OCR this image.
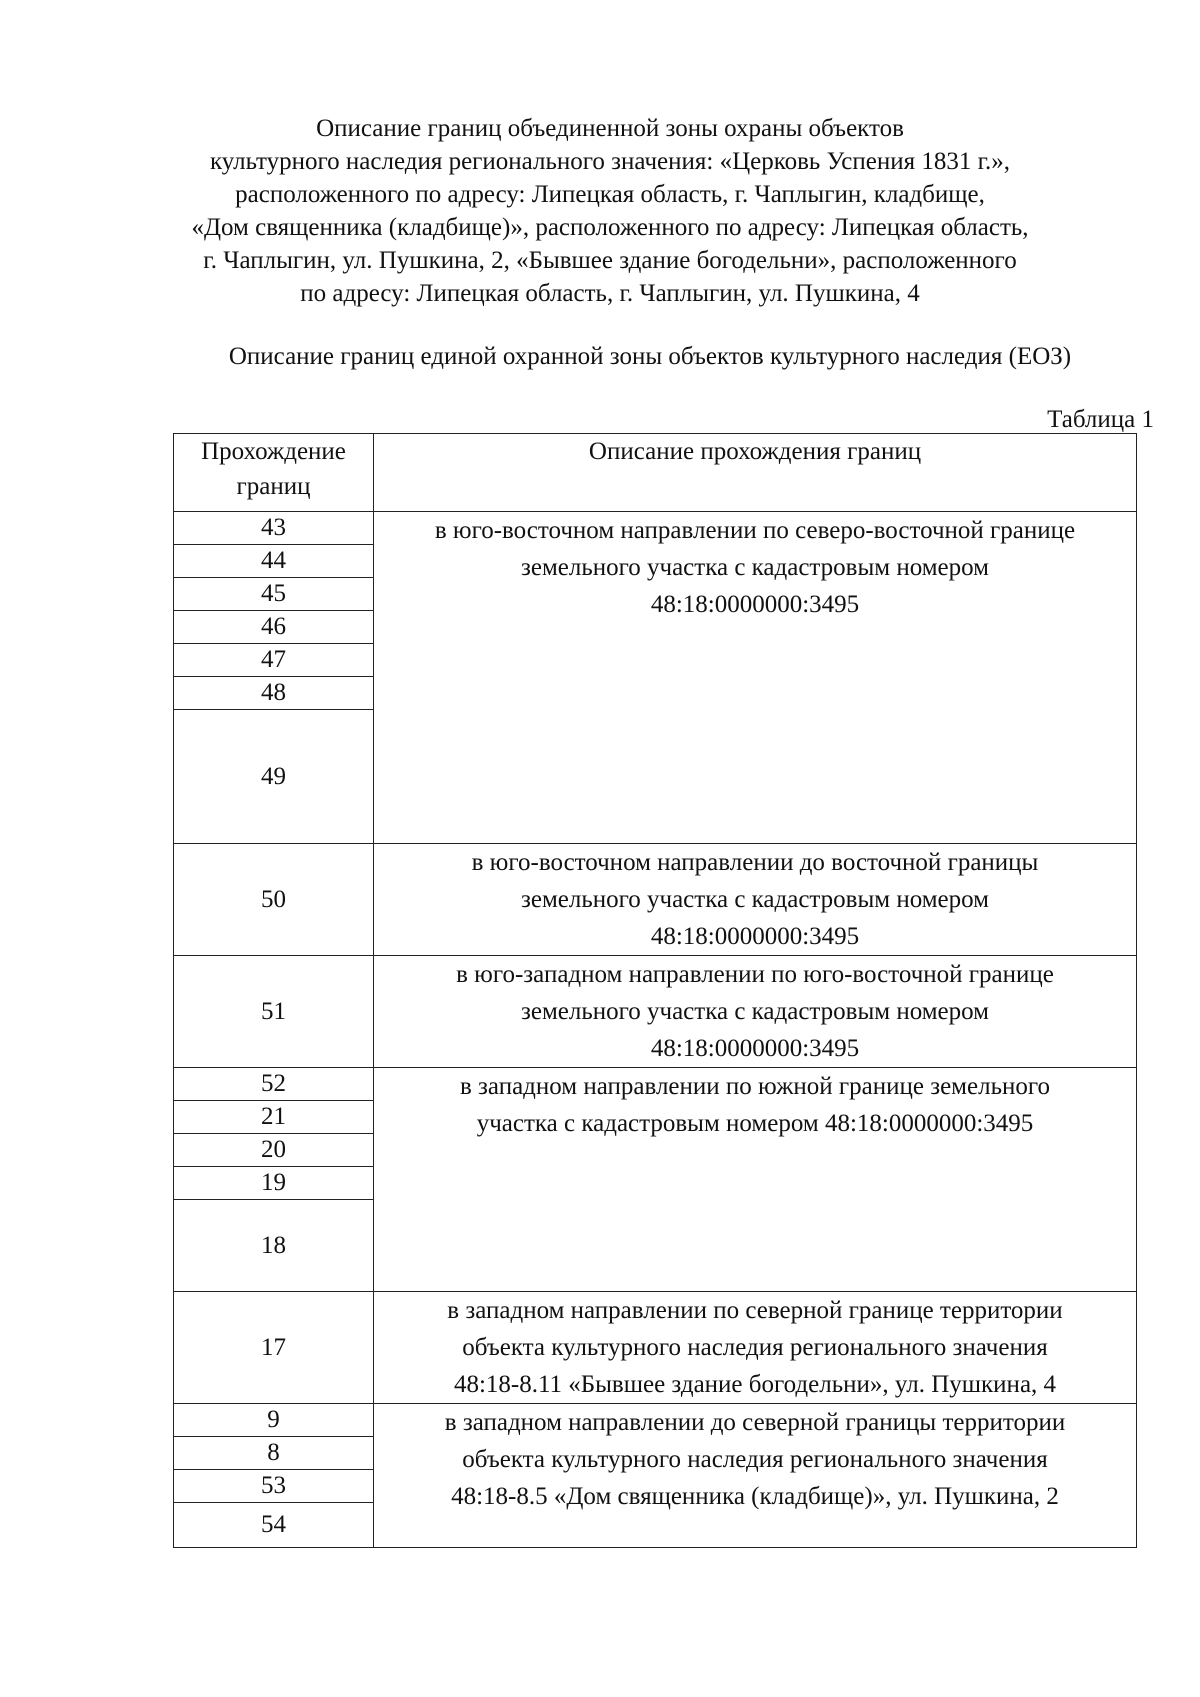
Описание границ объединенной зоны охраны объектов
культурного наследия регионального значения: «Церковь Успения 1831 г.»,
расположенного по адресу: Липецкая область, г. Чаплыгин, кладбище,
«Дом священника (кладбище)», расположенного по адресу: Липецкая область,
г. Чаплыгин, ул. Пушкина, 2, «Бывшее здание богодельни», расположенного
по адресу: Липецкая область, г. Чаплыгин, ул. Пушкина, 4
Описание границ единой охранной зоны объектов культурного наследия (ЕОЗ)
Таблица 1
Прохождение
границ	Описание прохождения границ
43	в юго-восточном направлении по северо-восточной границе
земельного участка с кадастровым номером
48:18:0000000:3495

44	
45	
46	
47	
48	
49	
50	в юго-восточном направлении до восточной границы
земельного участка с кадастровым номером
48:18:0000000:3495

51	в юго-западном направлении по юго-восточной границе
земельного участка с кадастровым номером
48:18:0000000:3495

52	в западном направлении по южной границе земельного
участка с кадастровым номером 48:18:0000000:3495

21	
20	
19	
18	
17	в западном направлении по северной границе территории
объекта культурного наследия регионального значения
48:18-8.11 «Бывшее здание богодельни», ул. Пушкина, 4

9	в западном направлении до северной границы территории
объекта культурного наследия регионального значения
48:18-8.5 «Дом священника (кладбище)», ул. Пушкина, 2

8	
53	
54	
